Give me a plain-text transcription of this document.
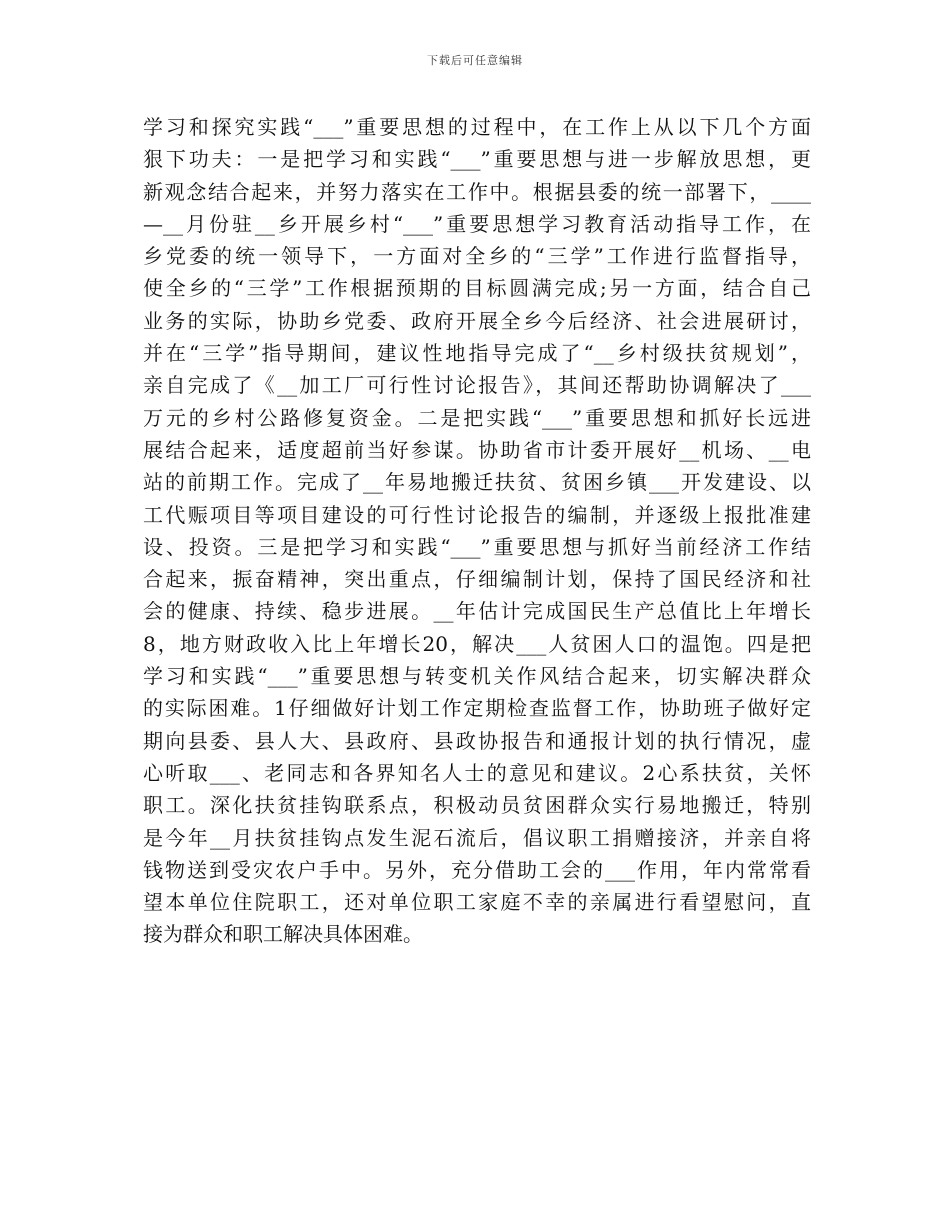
下载后可任意编辑
学习和探究实践“___”重要思想的过程中，在工作上从以下几个方面
狠下功夫：一是把学习和实践“___”重要思想与进一步解放思想，更
新观念结合起来，并努力落实在工作中。根据县委的统一部署下，____
—__月份驻__乡开展乡村“___”重要思想学习教育活动指导工作，在
乡党委的统一领导下，一方面对全乡的“三学”工作进行监督指导，
使全乡的“三学”工作根据预期的目标圆满完成;另一方面，结合自己
业务的实际，协助乡党委、政府开展全乡今后经济、社会进展研讨，
并在“三学”指导期间，建议性地指导完成了“__乡村级扶贫规划”，
亲自完成了《__加工厂可行性讨论报告》，其间还帮助协调解决了___
万元的乡村公路修复资金。二是把实践“___”重要思想和抓好长远进
展结合起来，适度超前当好参谋。协助省市计委开展好__机场、__电
站的前期工作。完成了__年易地搬迁扶贫、贫困乡镇___开发建设、以
工代赈项目等项目建设的可行性讨论报告的编制，并逐级上报批准建
设、投资。三是把学习和实践“___”重要思想与抓好当前经济工作结
合起来，振奋精神，突出重点，仔细编制计划，保持了国民经济和社
会的健康、持续、稳步进展。__年估计完成国民生产总值比上年增长
8，地方财政收入比上年增长20，解决___人贫困人口的温饱。四是把
学习和实践“___”重要思想与转变机关作风结合起来，切实解决群众
的实际困难。1仔细做好计划工作定期检查监督工作，协助班子做好定
期向县委、县人大、县政府、县政协报告和通报计划的执行情况，虚
心听取___、老同志和各界知名人士的意见和建议。2心系扶贫，关怀
职工。深化扶贫挂钩联系点，积极动员贫困群众实行易地搬迁，特别
是今年__月扶贫挂钩点发生泥石流后，倡议职工捐赠接济，并亲自将
钱物送到受灾农户手中。另外，充分借助工会的___作用，年内常常看
望本单位住院职工，还对单位职工家庭不幸的亲属进行看望慰问，直
接为群众和职工解决具体困难。
